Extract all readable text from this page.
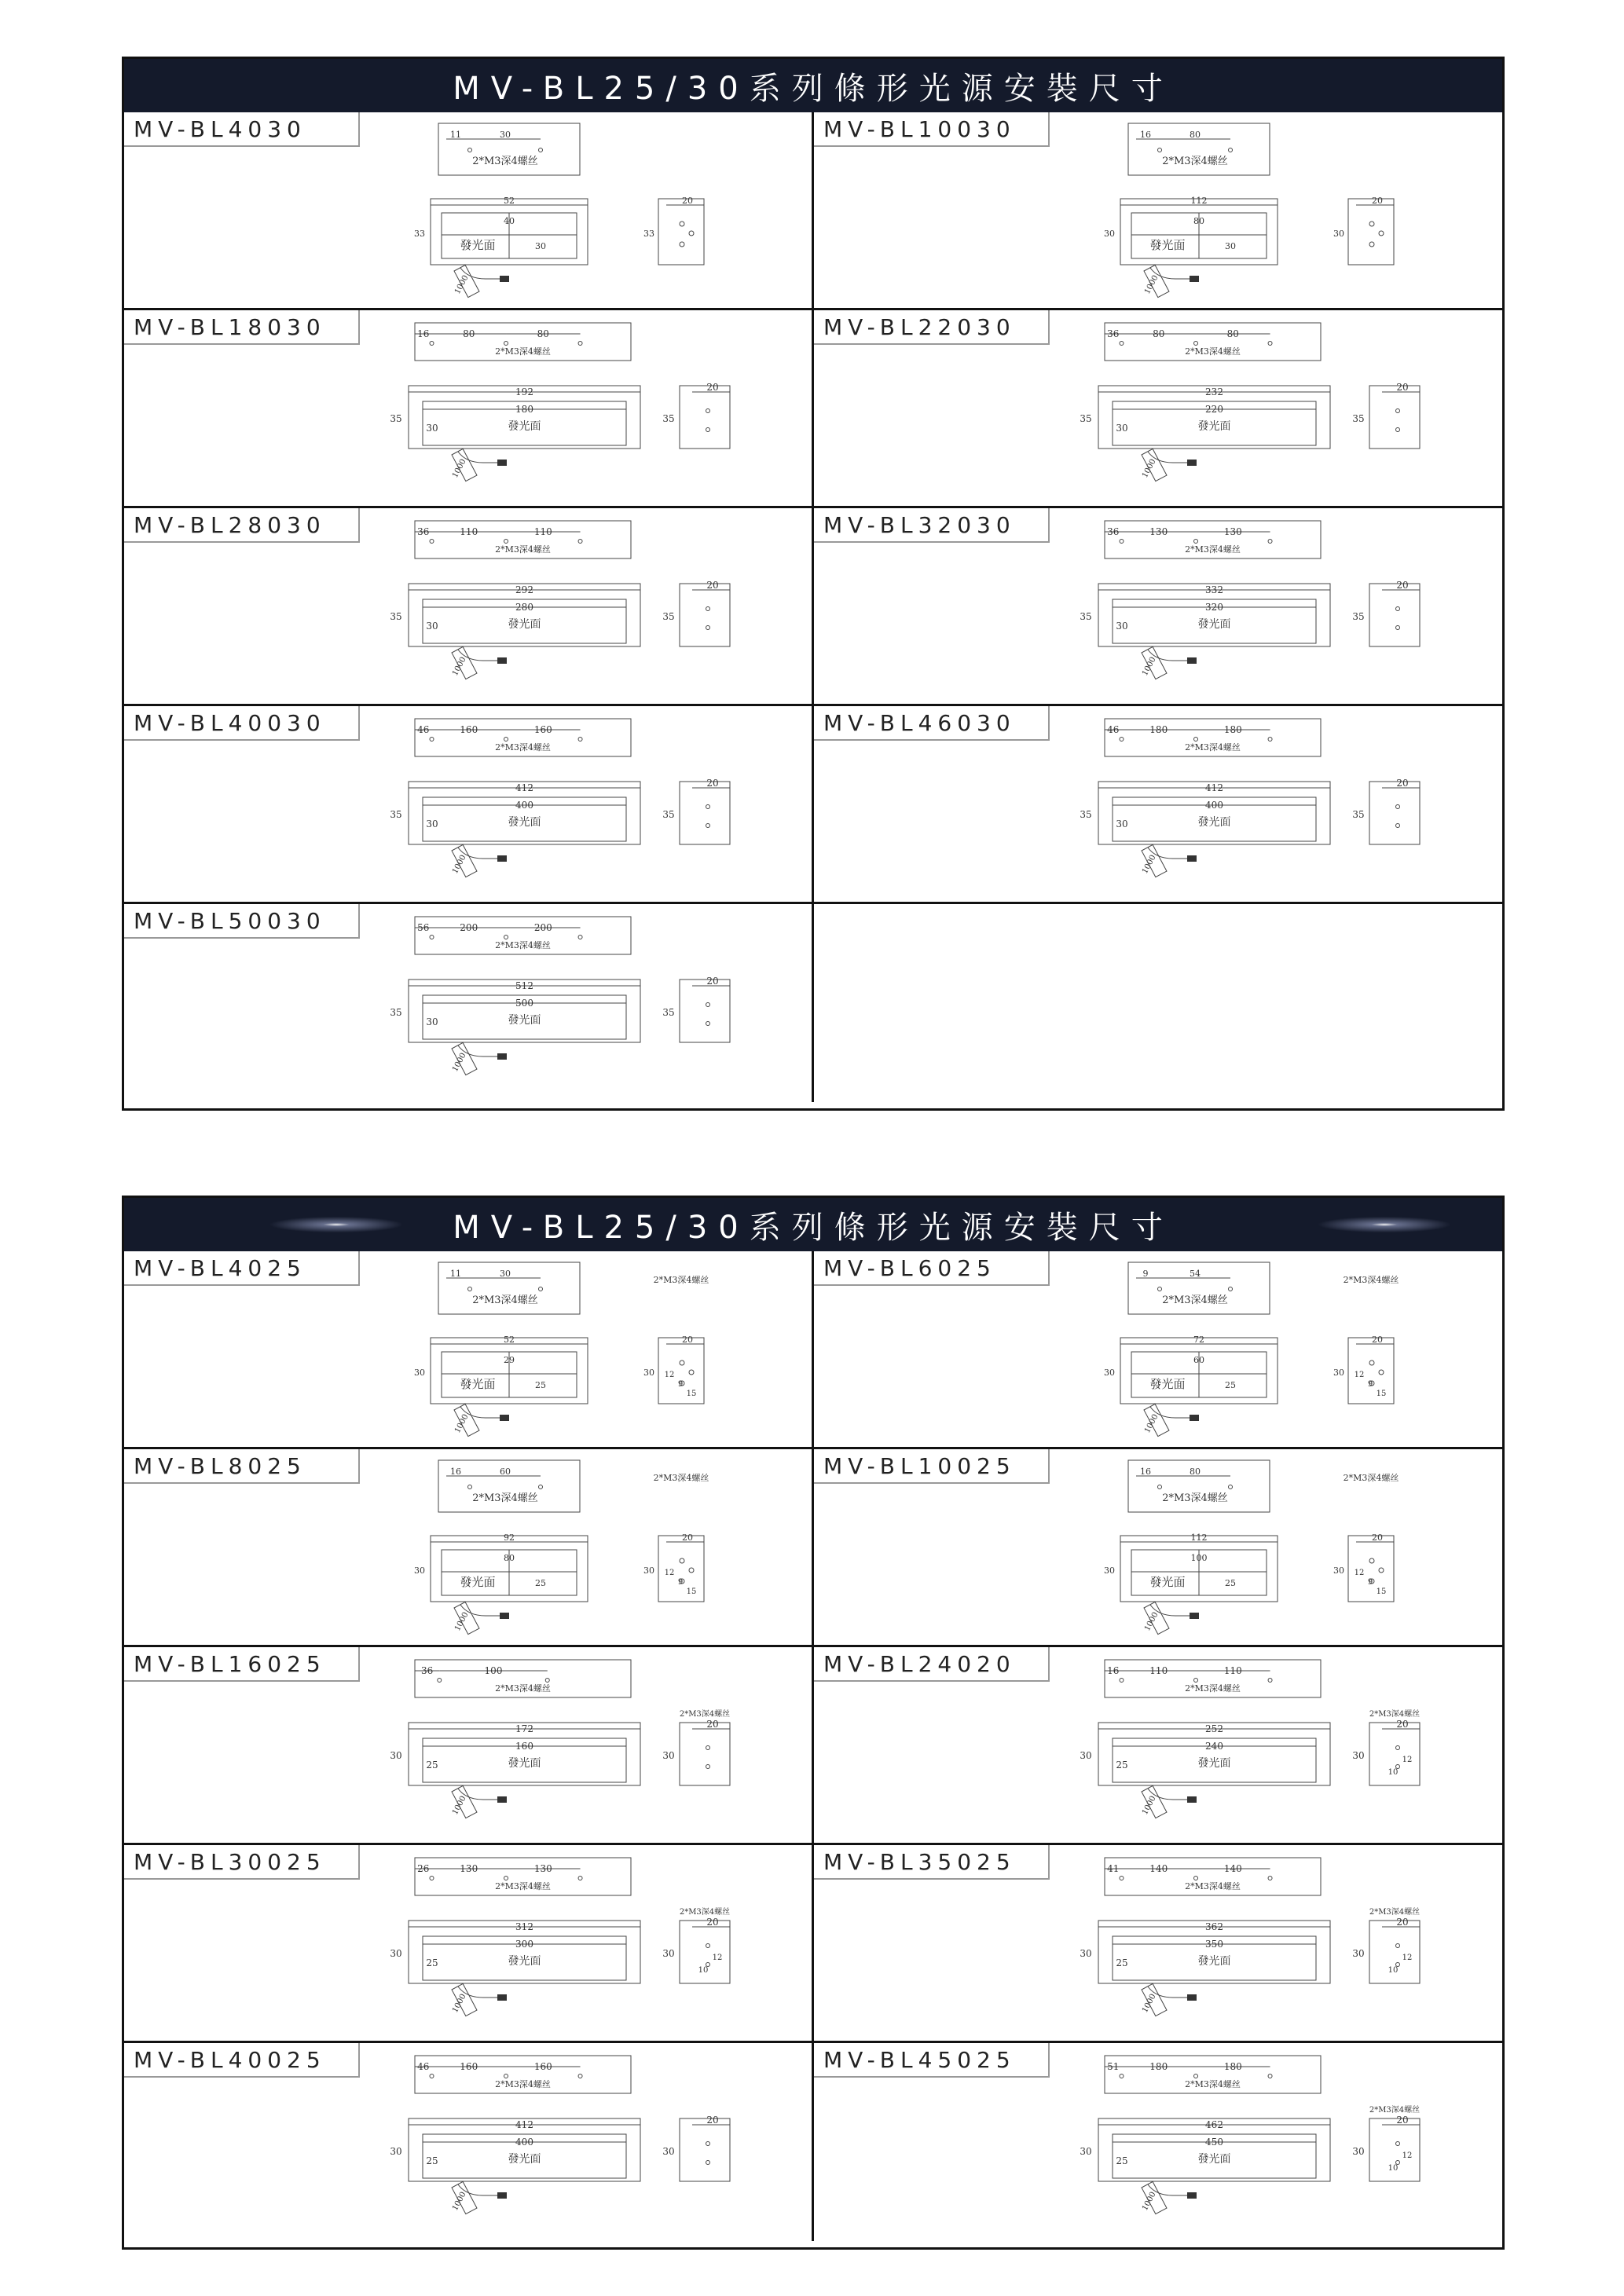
MV-BL25/30系列條形光源安裝尺寸
MV-BL4030	11	30
2*M3深4螺丝
52
40
發光面
33
30
1000
20
33
MV-BL10030	16	80
2*M3深4螺丝
112
80
發光面
30
30
1000
20
30
MV-BL18030	16	80	80
2*M3深4螺丝
192
180
發光面
35
30
1000
20
35
MV-BL22030	36	80	80
2*M3深4螺丝
232
220
發光面
35
30
1000
20
35
MV-BL28030	36	110	110
2*M3深4螺丝
292
280
發光面
35
30
1000
20
35
MV-BL32030	36	130	130
2*M3深4螺丝
332
320
發光面
35
30
1000
20
35
MV-BL40030	46	160	160
2*M3深4螺丝
412
400
發光面
35
30
1000
20
35
MV-BL46030	46	180	180
2*M3深4螺丝
412
400
發光面
35
30
1000
20
35
MV-BL50030	56	200	200
2*M3深4螺丝
512
500
發光面
35
30
1000
20
35
MV-BL25/30系列條形光源安裝尺寸
MV-BL4025	11	30
2*M3深4螺丝
52
29
發光面
30
25
1000
2*M3深4螺丝
20
30 12
9
15
MV-BL6025	9	54
2*M3深4螺丝
72
60
發光面
30
25
1000
2*M3深4螺丝
20
30 12
9
15
MV-BL8025	16	60
2*M3深4螺丝
92
80
發光面
30
25
1000
2*M3深4螺丝
20
30 12
9
15
MV-BL10025	16	80
2*M3深4螺丝
112
100
發光面
30
25
1000
2*M3深4螺丝
20
30 12
9
15
MV-BL16025	36	100
2*M3深4螺丝
172
160
發光面
30
25
1000
2*M3深4螺丝
20
30
MV-BL24020	16	110	110
2*M3深4螺丝
252
240
發光面
30
25
1000
2*M3深4螺丝
20
30	12
10
MV-BL30025	26	130	130
2*M3深4螺丝
312
300
發光面
30
25
1000
2*M3深4螺丝
20
30	12
10
MV-BL35025	41	140	140
2*M3深4螺丝
362
350
發光面
30
25
1000
2*M3深4螺丝
20
30	12
10
MV-BL40025	46	160	160
2*M3深4螺丝
412
400
發光面
30
25
1000
20
30
MV-BL45025	51	180	180
2*M3深4螺丝
462
450
發光面
30
25
1000
2*M3深4螺丝
20
30	12
10
